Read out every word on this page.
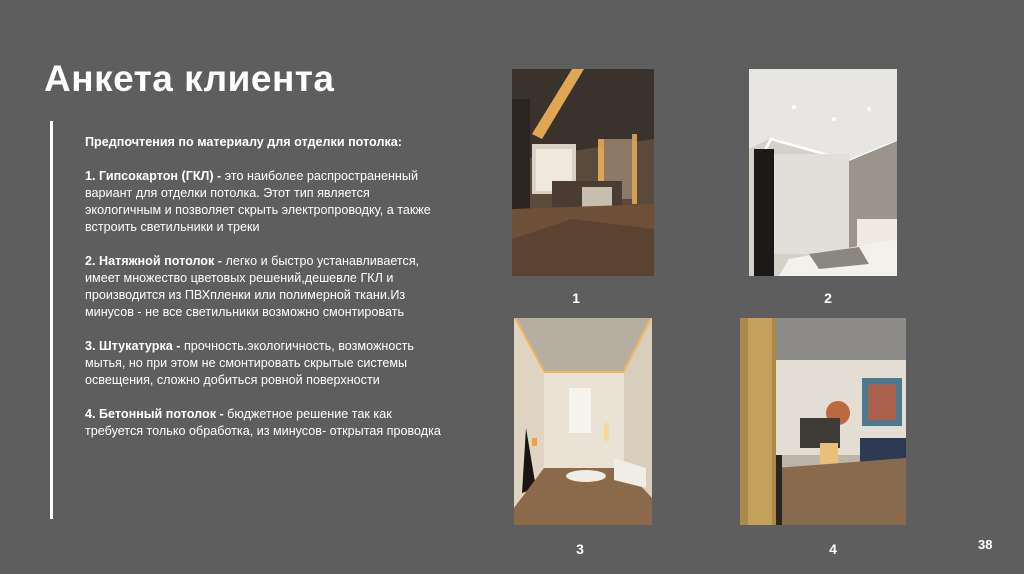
Анкета клиента

Предпочтения по материалу для отделки потолка:

1. Гипсокартон (ГКЛ) - это наиболее распространенный вариант для отделки потолка. Этот тип является экологичным и позволяет скрыть электропроводку, а также встроить светильники и треки

2. Натяжной потолок - легко и быстро устанавливается, имеет множество цветовых решений,дешевле ГКЛ и производится из ПВХпленки или полимерной ткани.Из минусов - не все светильники возможно смонтировать

3. Штукатурка - прочность.экологичность, возможность мытья, но при этом не смонтировать скрытые системы освещения, сложно добиться ровной поверхности

4. Бетонный потолок - бюджетное решение так как требуется только обработка, из минусов- открытая проводка

1	2
3	4	38
